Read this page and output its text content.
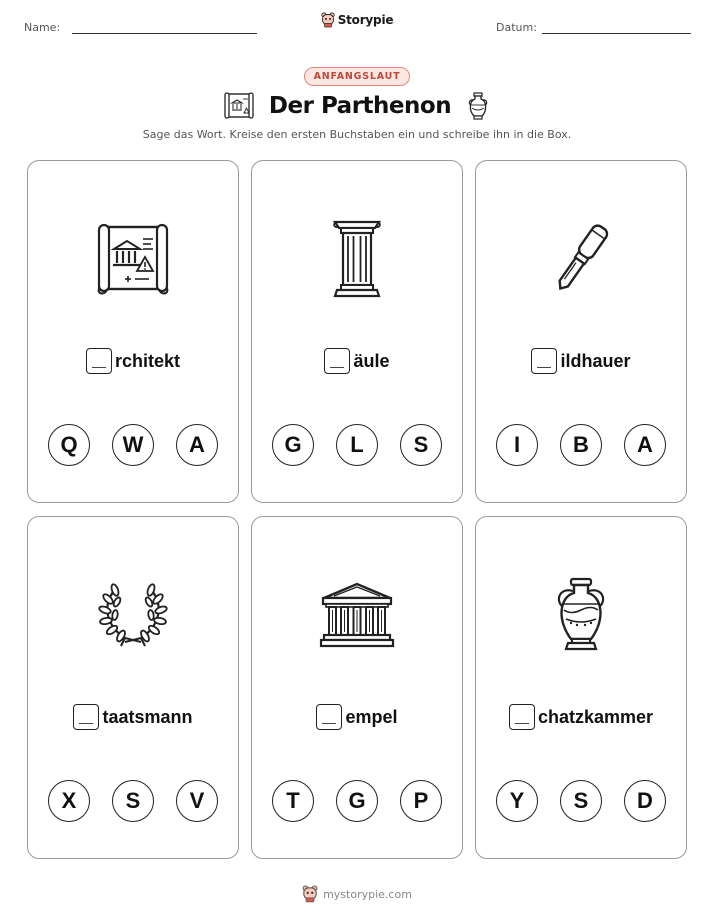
Name:	Datum:
Storypie
ANFANGSLAUT
Der Parthenon
Sage das Wort. Kreise den ersten Buchstaben ein und schreibe ihn in die Box.
rchitekt
Q	W	A
äule
G	L	S
ildhauer
I	B	A
taatsmann
X	S	V
empel
T	G	P
chatzkammer
Y	S	D
mystorypie.com
